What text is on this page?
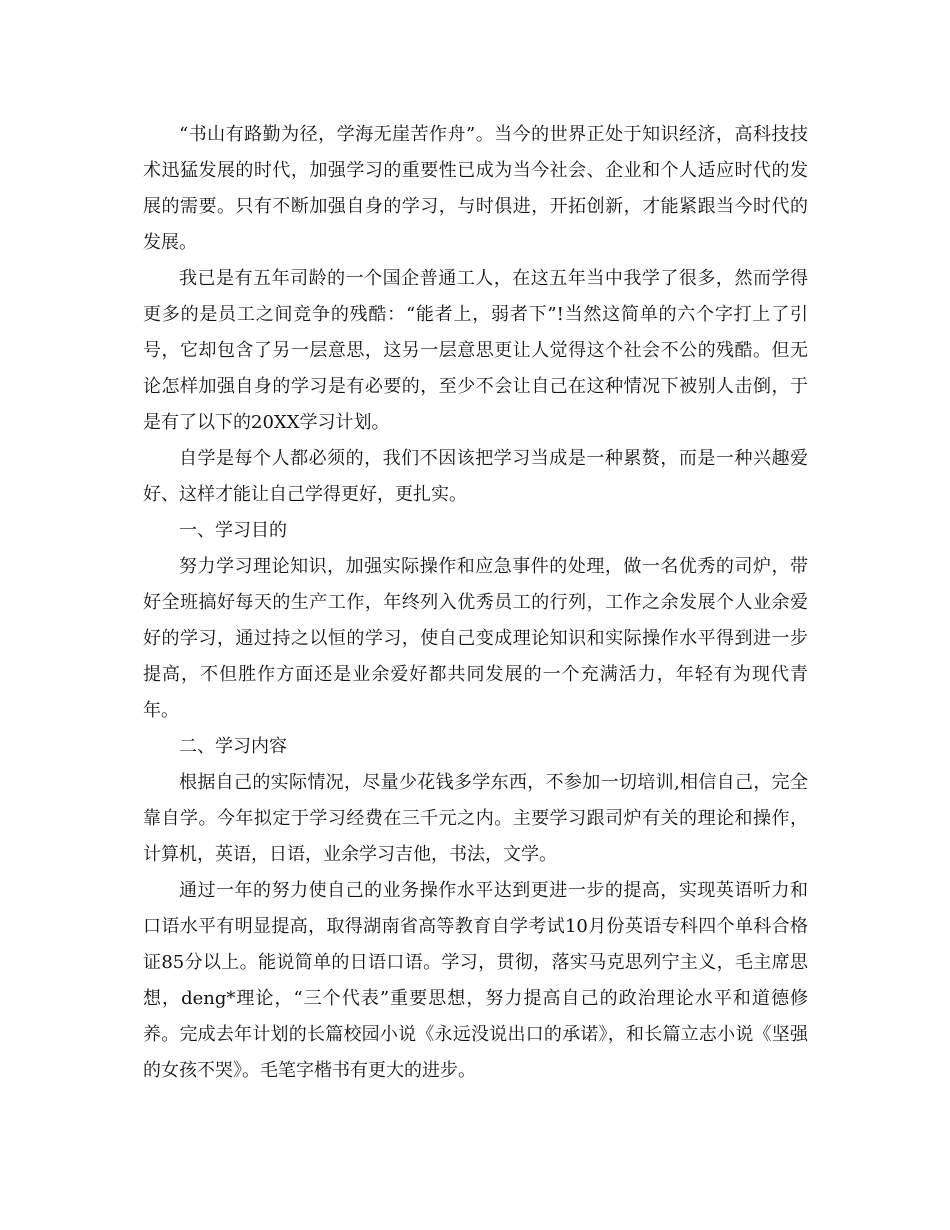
“书山有路勤为径，学海无崖苦作舟”。当今的世界正处于知识经济，高科技技术迅猛发展的时代，加强学习的重要性已成为当今社会、企业和个人适应时代的发展的需要。只有不断加强自身的学习，与时俱进，开拓创新，才能紧跟当今时代的发展。

我已是有五年司龄的一个国企普通工人，在这五年当中我学了很多，然而学得更多的是员工之间竞争的残酷：“能者上，弱者下”!当然这简单的六个字打上了引号，它却包含了另一层意思，这另一层意思更让人觉得这个社会不公的残酷。但无论怎样加强自身的学习是有必要的，至少不会让自己在这种情况下被别人击倒，于是有了以下的20XX学习计划。

自学是每个人都必须的，我们不因该把学习当成是一种累赘，而是一种兴趣爱好、这样才能让自己学得更好，更扎实。

一、学习目的

努力学习理论知识，加强实际操作和应急事件的处理，做一名优秀的司炉，带好全班搞好每天的生产工作，年终列入优秀员工的行列，工作之余发展个人业余爱好的学习，通过持之以恒的学习，使自己变成理论知识和实际操作水平得到进一步提高，不但胜作方面还是业余爱好都共同发展的一个充满活力，年轻有为现代青年。

二、学习内容

根据自己的实际情况，尽量少花钱多学东西，不参加一切培训,相信自己，完全靠自学。今年拟定于学习经费在三千元之内。主要学习跟司炉有关的理论和操作，计算机，英语，日语，业余学习吉他，书法，文学。

通过一年的努力使自己的业务操作水平达到更进一步的提高，实现英语听力和口语水平有明显提高，取得湖南省高等教育自学考试10月份英语专科四个单科合格证85分以上。能说简单的日语口语。学习，贯彻，落实马克思列宁主义，毛主席思想，deng*理论，“三个代表”重要思想，努力提高自己的政治理论水平和道德修养。完成去年计划的长篇校园小说《永远没说出口的承诺》，和长篇立志小说《坚强的女孩不哭》。毛笔字楷书有更大的进步。
